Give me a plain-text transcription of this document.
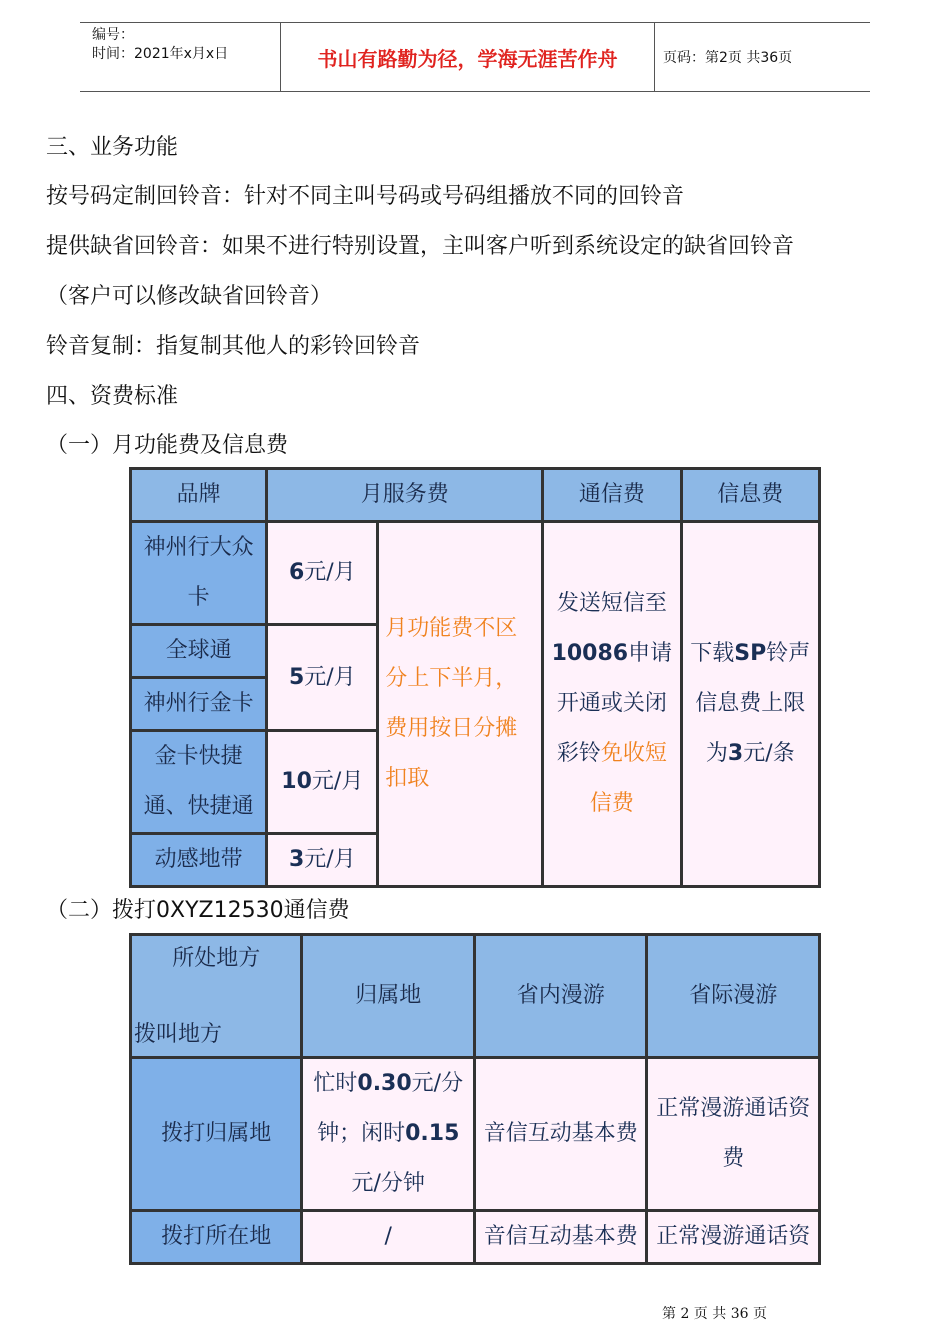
编号：
时间：2021年x月x日	书山有路勤为径，学海无涯苦作舟	页码：第2页 共36页
三、业务功能
按号码定制回铃音：针对不同主叫号码或号码组播放不同的回铃音
提供缺省回铃音：如果不进行特别设置，主叫客户听到系统设定的缺省回铃音
（客户可以修改缺省回铃音）
铃音复制：指复制其他人的彩铃回铃音
四、资费标准
（一）月功能费及信息费
品牌	月服务费		通信费	信息费

神州行大众卡	6元/月	月功能费不区分上下半月，费用按日分摊扣取	发送短信至10086申请开通或关闭彩铃免收短信费	下载SP铃声信息费上限为3元/条

全球通	5元/月			
神州行金卡				

金卡快捷通、快捷通	10元/月			
动感地带	3元/月			
（二）拨打0XYZ12530通信费
所处地方
拨叫地方	归属地	省内漫游	省际漫游
拨打归属地	忙时0.30元/分钟；闲时0.15元/分钟	音信互动基本费	正常漫游通话资费

拨打所在地	/	音信互动基本费	正常漫游通话资
第 2 页 共 36 页
